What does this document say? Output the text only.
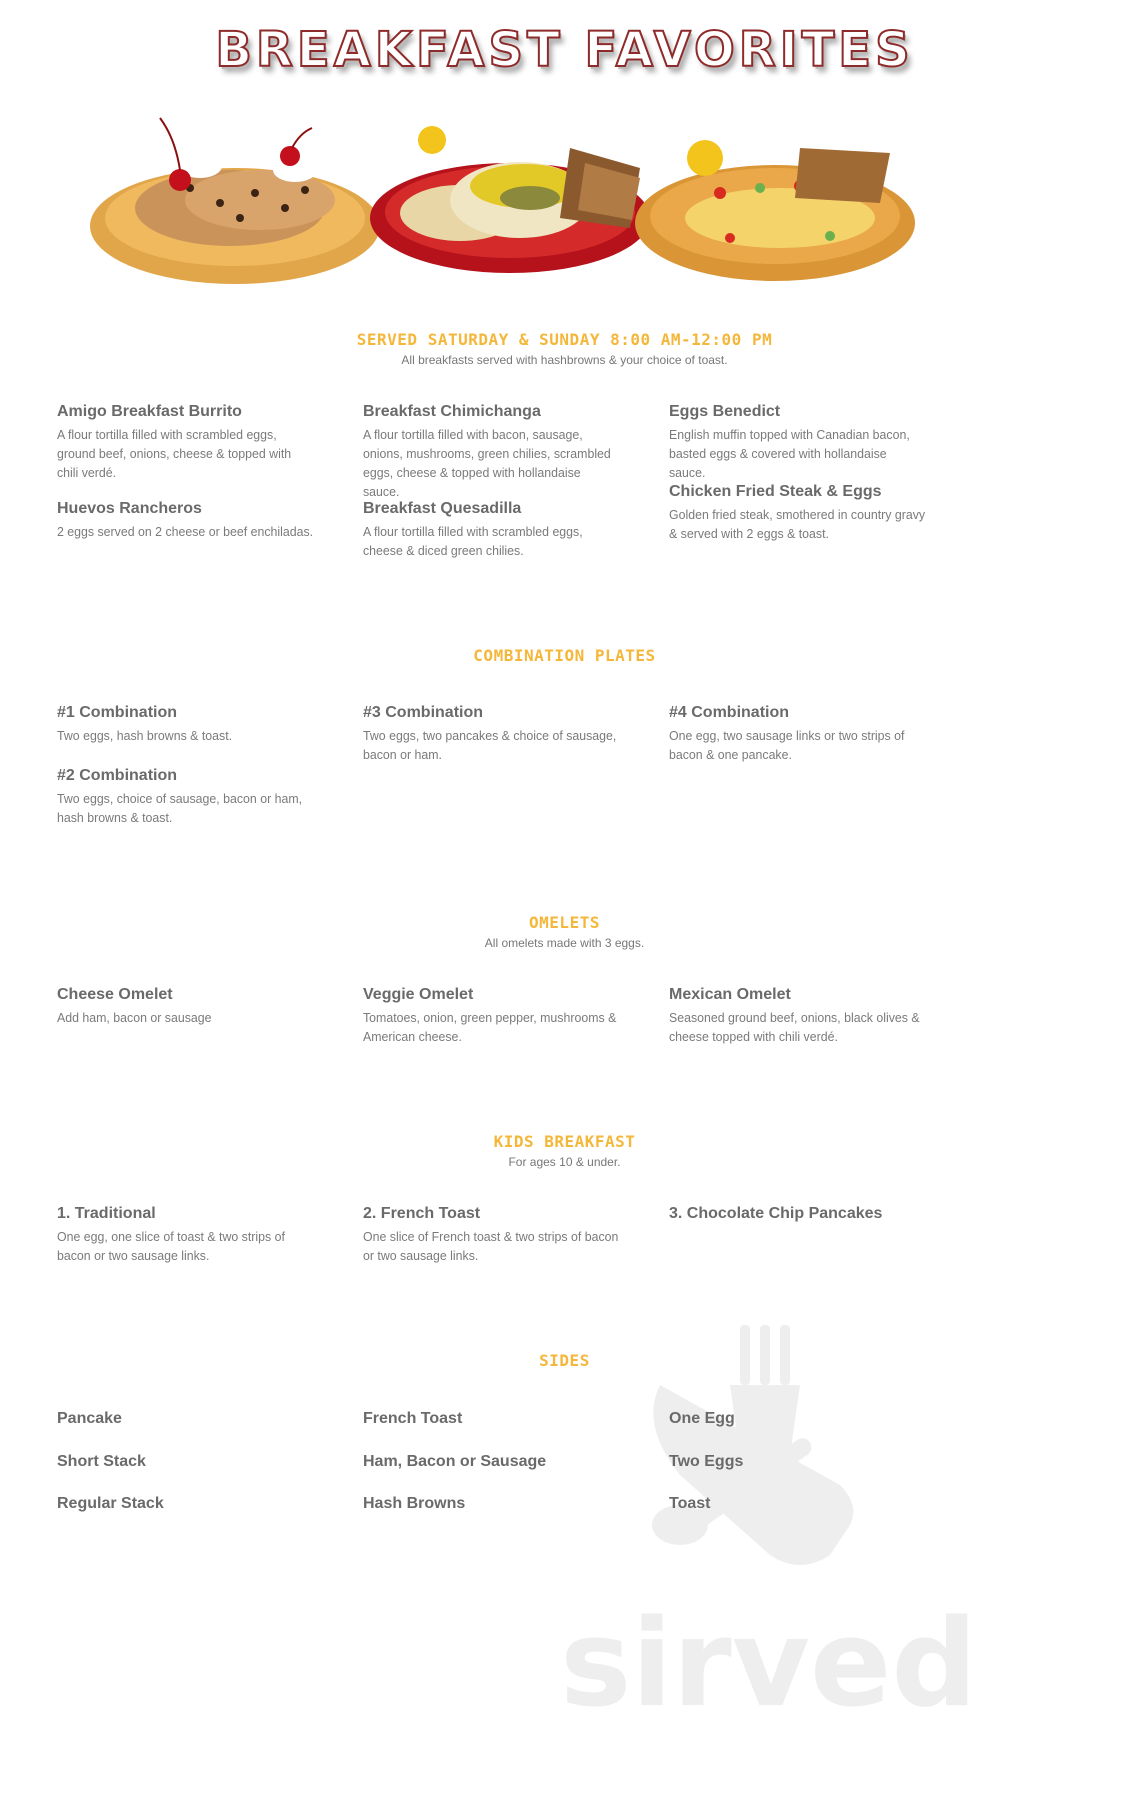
BREAKFAST FAVORITES
SERVED SATURDAY & SUNDAY 8:00 AM-12:00 PM
All breakfasts served with hashbrowns & your choice of toast.
Amigo Breakfast Burrito
A flour tortilla filled with scrambled eggs, ground beef, onions, cheese & topped with chili verdé.
Huevos Rancheros
2 eggs served on 2 cheese or beef enchiladas.
Breakfast Chimichanga
A flour tortilla filled with bacon, sausage, onions, mushrooms, green chilies, scrambled eggs, cheese & topped with hollandaise sauce.
Breakfast Quesadilla
A flour tortilla filled with scrambled eggs, cheese & diced green chilies.
Eggs Benedict
English muffin topped with Canadian bacon, basted eggs & covered with hollandaise sauce.
Chicken Fried Steak & Eggs
Golden fried steak, smothered in country gravy & served with 2 eggs & toast.
COMBINATION PLATES
#1 Combination
Two eggs, hash browns & toast.
#2 Combination
Two eggs, choice of sausage, bacon or ham, hash browns & toast.
#3 Combination
Two eggs, two pancakes & choice of sausage, bacon or ham.
#4 Combination
One egg, two sausage links or two strips of bacon & one pancake.
OMELETS
All omelets made with 3 eggs.
Cheese Omelet
Add ham, bacon or sausage
Veggie Omelet
Tomatoes, onion, green pepper, mushrooms & American cheese.
Mexican Omelet
Seasoned ground beef, onions, black olives & cheese topped with chili verdé.
sirved
KIDS BREAKFAST
For ages 10 & under.
1. Traditional
One egg, one slice of toast & two strips of bacon or two sausage links.
2. French Toast
One slice of French toast & two strips of bacon or two sausage links.
3. Chocolate Chip Pancakes
SIDES
Pancake
Short Stack
Regular Stack
French Toast
Ham, Bacon or Sausage
Hash Browns
One Egg
Two Eggs
Toast
